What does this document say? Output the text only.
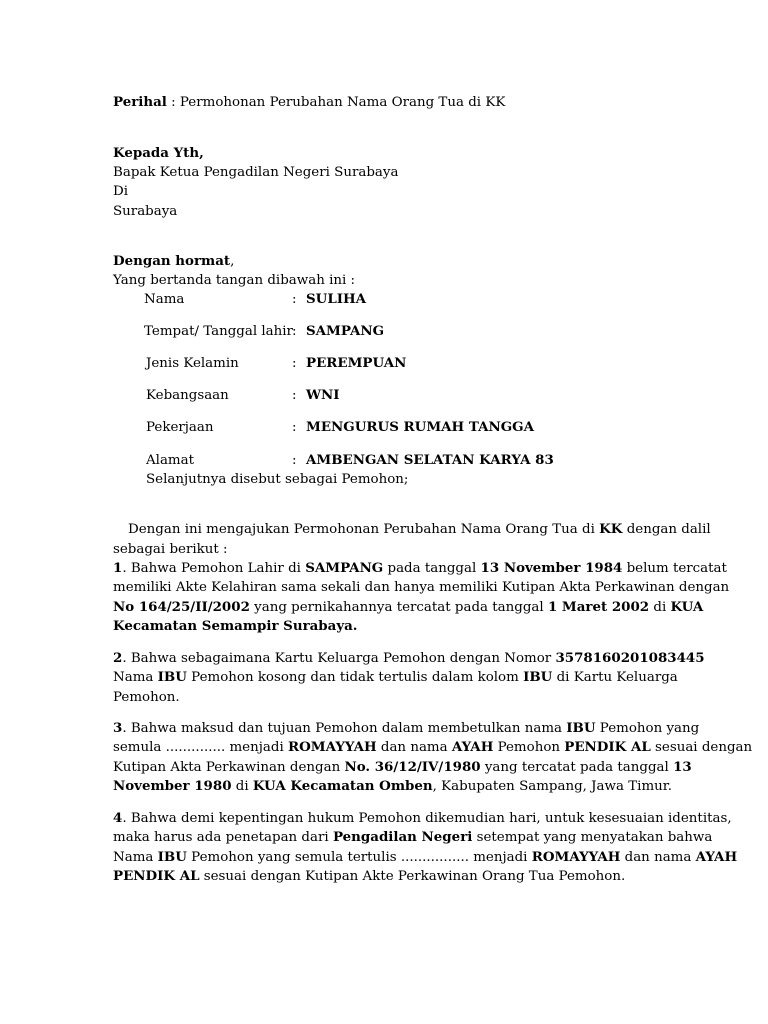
Perihal : Permohonan Perubahan Nama Orang Tua di KK
Kepada Yth,
Bapak Ketua Pengadilan Negeri Surabaya
Di
Surabaya
Dengan hormat,
Yang bertanda tangan dibawah ini :
Nama	: SULIHA
Tempat/ Tanggal lahir : SAMPANG
Jenis Kelamin	: PEREMPUAN
Kebangsaan	: WNI
Pekerjaan	: MENGURUS RUMAH TANGGA
Alamat	: AMBENGAN SELATAN KARYA 83
Selanjutnya disebut sebagai Pemohon;
Dengan ini mengajukan Permohonan Perubahan Nama Orang Tua di KK dengan dalil
sebagai berikut :
1. Bahwa Pemohon Lahir di SAMPANG pada tanggal 13 November 1984 belum tercatat
memiliki Akte Kelahiran sama sekali dan hanya memiliki Kutipan Akta Perkawinan dengan
No 164/25/II/2002 yang pernikahannya tercatat pada tanggal 1 Maret 2002 di KUA
Kecamatan Semampir Surabaya.
2. Bahwa sebagaimana Kartu Keluarga Pemohon dengan Nomor 3578160201083445
Nama IBU Pemohon kosong dan tidak tertulis dalam kolom IBU di Kartu Keluarga
Pemohon.
3. Bahwa maksud dan tujuan Pemohon dalam membetulkan nama IBU Pemohon yang
semula .............. menjadi ROMAYYAH dan nama AYAH Pemohon PENDIK AL sesuai dengan
Kutipan Akta Perkawinan dengan No. 36/12/IV/1980 yang tercatat pada tanggal 13
November 1980 di KUA Kecamatan Omben, Kabupaten Sampang, Jawa Timur.
4. Bahwa demi kepentingan hukum Pemohon dikemudian hari, untuk kesesuaian identitas,
maka harus ada penetapan dari Pengadilan Negeri setempat yang menyatakan bahwa
Nama IBU Pemohon yang semula tertulis ................ menjadi ROMAYYAH dan nama AYAH
PENDIK AL sesuai dengan Kutipan Akte Perkawinan Orang Tua Pemohon.
